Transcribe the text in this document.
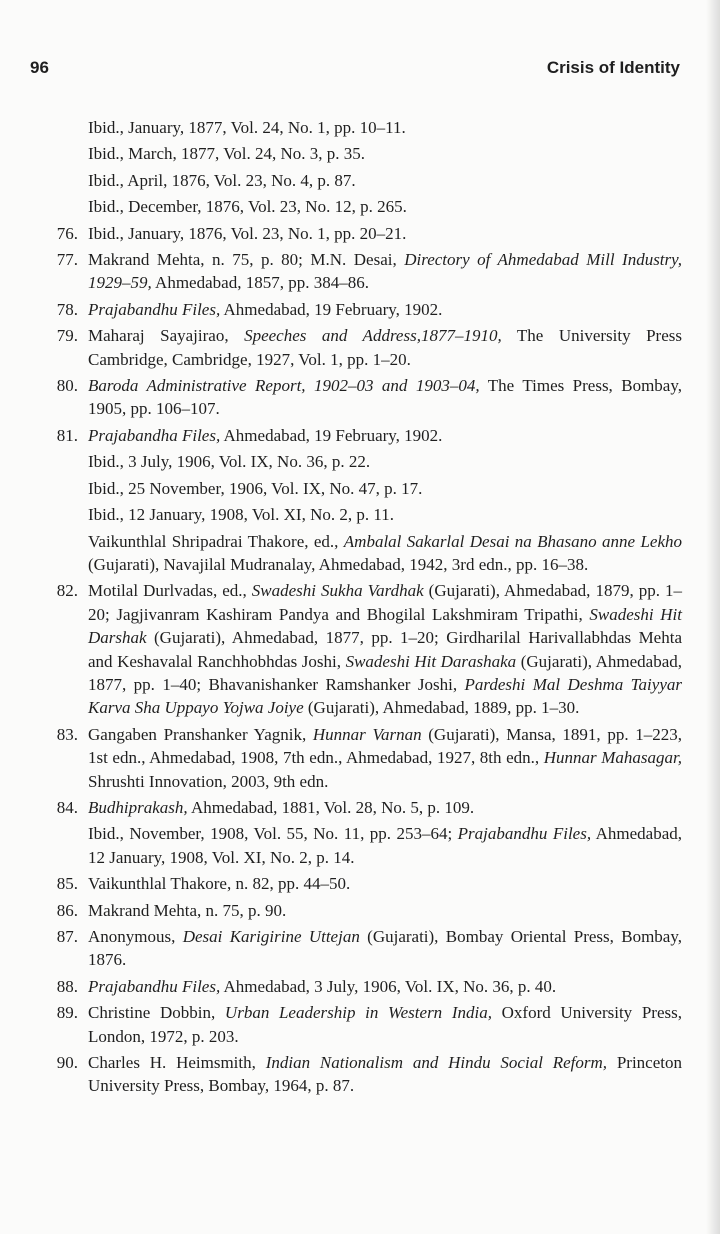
96	Crisis of Identity
Ibid., January, 1877, Vol. 24, No. 1, pp. 10–11.
Ibid., March, 1877, Vol. 24, No. 3, p. 35.
Ibid., April, 1876, Vol. 23, No. 4, p. 87.
Ibid., December, 1876, Vol. 23, No. 12, p. 265.
76. Ibid., January, 1876, Vol. 23, No. 1, pp. 20–21.
77. Makrand Mehta, n. 75, p. 80; M.N. Desai, Directory of Ahmedabad Mill Industry, 1929–59, Ahmedabad, 1857, pp. 384–86.
78. Prajabandhu Files, Ahmedabad, 19 February, 1902.
79. Maharaj Sayajirao, Speeches and Address,1877–1910, The University Press Cambridge, Cambridge, 1927, Vol. 1, pp. 1–20.
80. Baroda Administrative Report, 1902–03 and 1903–04, The Times Press, Bombay, 1905, pp. 106–107.
81. Prajabandha Files, Ahmedabad, 19 February, 1902.
Ibid., 3 July, 1906, Vol. IX, No. 36, p. 22.
Ibid., 25 November, 1906, Vol. IX, No. 47, p. 17.
Ibid., 12 January, 1908, Vol. XI, No. 2, p. 11.
Vaikunthlal Shripadrai Thakore, ed., Ambalal Sakarlal Desai na Bhasano anne Lekho (Gujarati), Navajilal Mudranalay, Ahmedabad, 1942, 3rd edn., pp. 16–38.
82. Motilal Durlvadas, ed., Swadeshi Sukha Vardhak (Gujarati), Ahmedabad, 1879, pp. 1–20; Jagjivanram Kashiram Pandya and Bhogilal Lakshmiram Tripathi, Swadeshi Hit Darshak (Gujarati), Ahmedabad, 1877, pp. 1–20; Girdharilal Harivallabhdas Mehta and Keshavalal Ranchhobhdas Joshi, Swadeshi Hit Darashaka (Gujarati), Ahmedabad, 1877, pp. 1–40; Bhavanishanker Ramshanker Joshi, Pardeshi Mal Deshma Taiyyar Karva Sha Uppayo Yojwa Joiye (Gujarati), Ahmedabad, 1889, pp. 1–30.
83. Gangaben Pranshanker Yagnik, Hunnar Varnan (Gujarati), Mansa, 1891, pp. 1–223, 1st edn., Ahmedabad, 1908, 7th edn., Ahmedabad, 1927, 8th edn., Hunnar Mahasagar, Shrushti Innovation, 2003, 9th edn.
84. Budhiprakash, Ahmedabad, 1881, Vol. 28, No. 5, p. 109.
Ibid., November, 1908, Vol. 55, No. 11, pp. 253–64; Prajabandhu Files, Ahmedabad, 12 January, 1908, Vol. XI, No. 2, p. 14.
85. Vaikunthlal Thakore, n. 82, pp. 44–50.
86. Makrand Mehta, n. 75, p. 90.
87. Anonymous, Desai Karigirine Uttejan (Gujarati), Bombay Oriental Press, Bombay, 1876.
88. Prajabandhu Files, Ahmedabad, 3 July, 1906, Vol. IX, No. 36, p. 40.
89. Christine Dobbin, Urban Leadership in Western India, Oxford University Press, London, 1972, p. 203.
90. Charles H. Heimsmith, Indian Nationalism and Hindu Social Reform, Princeton University Press, Bombay, 1964, p. 87.
